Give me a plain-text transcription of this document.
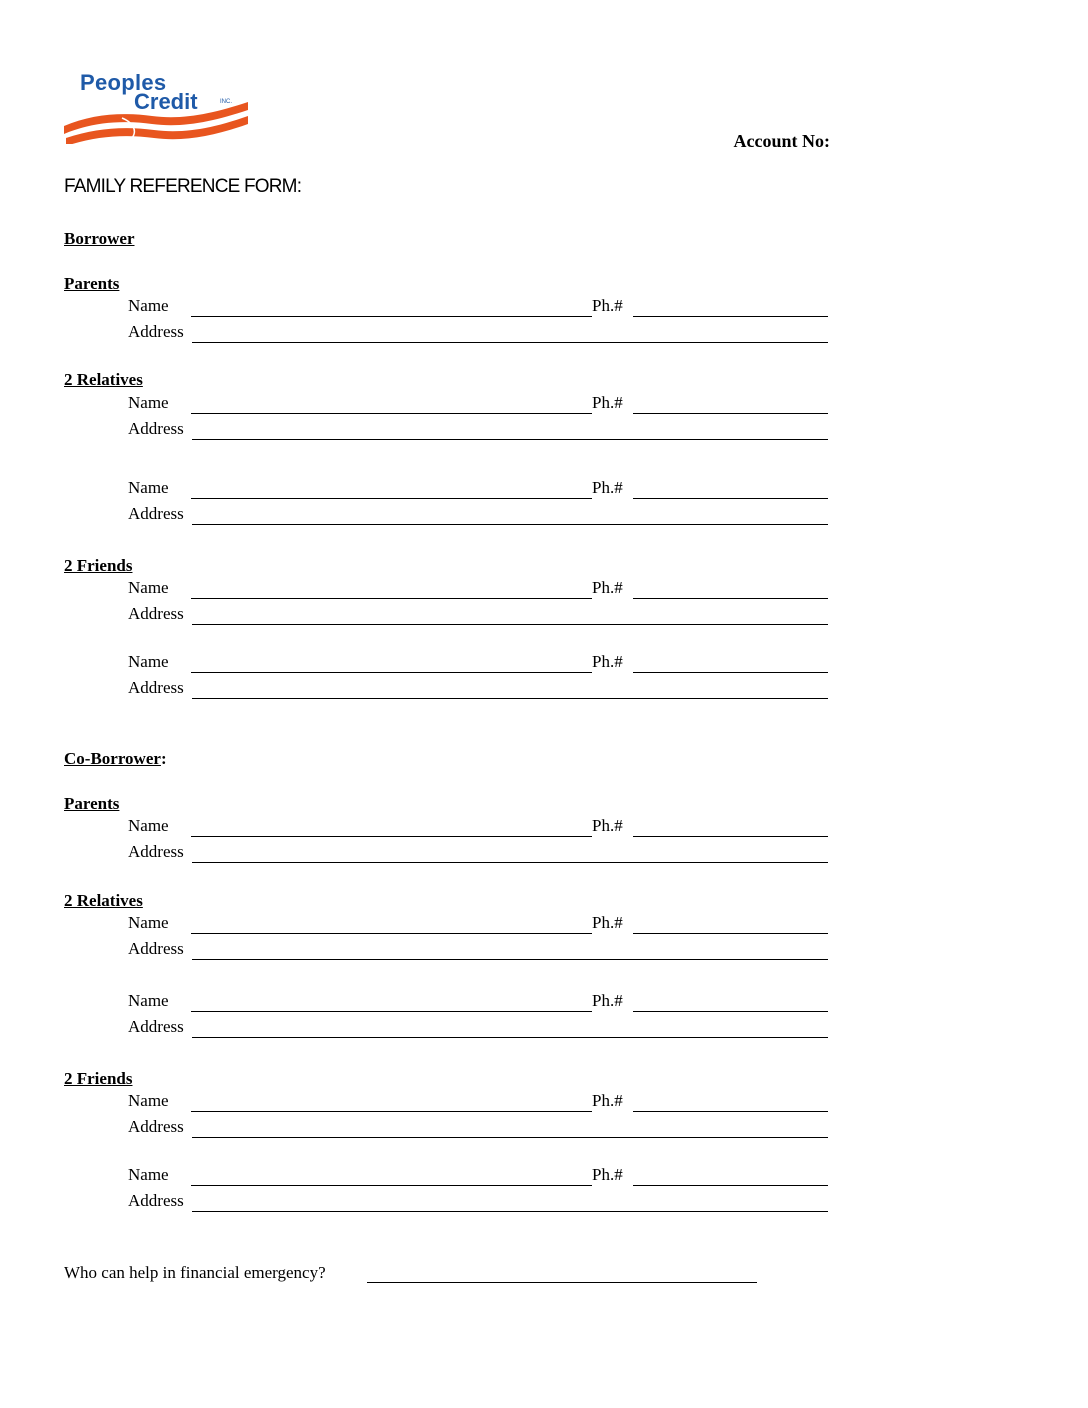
Peoples
Credit	INC.
Account No:
FAMILY REFERENCE FORM:
Borrower
Parents
Name	Ph.#
Address
2 Relatives
Name	Ph.#
Address
Name	Ph.#
Address
2 Friends
Name	Ph.#
Address
Name	Ph.#
Address
Co-Borrower:
Parents
Name	Ph.#
Address
2 Relatives
Name	Ph.#
Address
Name	Ph.#
Address
2 Friends
Name	Ph.#
Address
Name	Ph.#
Address
Who can help in financial emergency?
